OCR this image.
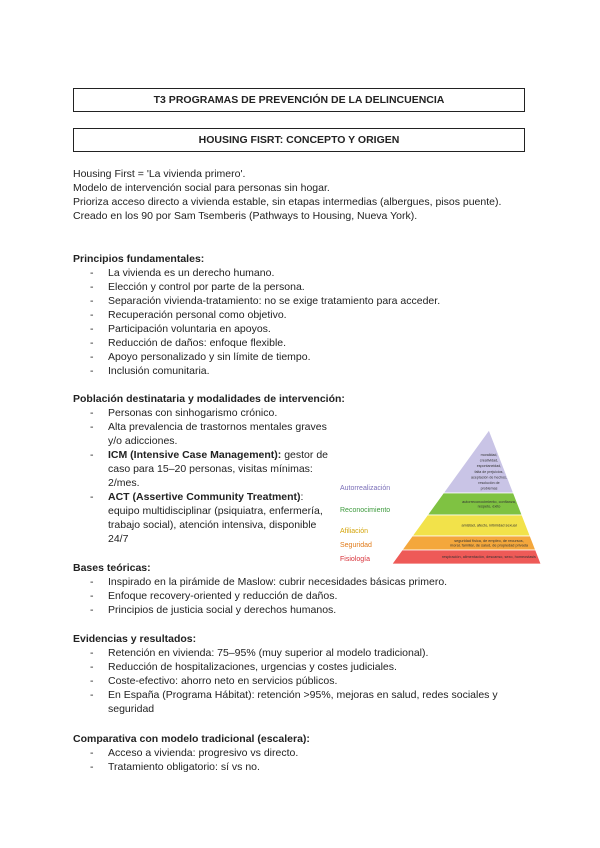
T3 PROGRAMAS DE PREVENCIÓN DE LA DELINCUENCIA
HOUSING FISRT: CONCEPTO Y ORIGEN

Housing First = 'La vivienda primero'.

Modelo de intervención social para personas sin hogar.

Prioriza acceso directo a vivienda estable, sin etapas intermedias (albergues, pisos puente).

Creado en los 90 por Sam Tsemberis (Pathways to Housing, Nueva York).

Principios fundamentales:

- La vivienda es un derecho humano.
- Elección y control por parte de la persona.
- Separación vivienda-tratamiento: no se exige tratamiento para acceder.
- Recuperación personal como objetivo.
- Participación voluntaria en apoyos.
- Reducción de daños: enfoque flexible.
- Apoyo personalizado y sin límite de tiempo.
- Inclusión comunitaria.

Población destinataria y modalidades de intervención:

- Personas con sinhogarismo crónico.
- Alta prevalencia de trastornos mentales graves y/o adicciones.
- ICM (Intensive Case Management): gestor de caso para 15–20 personas, visitas mínimas: 2/mes.
- ACT (Assertive Community Treatment): equipo multidisciplinar (psiquiatra, enfermería, trabajo social), atención intensiva, disponible 24/7
Autorrealización
moralidad,
creatividad,
espontaneidad,
falta de prejuicios,
aceptación de hechos,
resolución de
problemas
Reconocimiento
autorreconocimiento, confianza,
respeto, éxito
Afiliación
amistad, afecto, intimidad sexual
Seguridad
seguridad física, de empleo, de recursos,
moral, familiar, de salud, de propiedad privada
Fisiología	respiración, alimentación, descanso, sexo, homeostasis

Bases teóricas:

- Inspirado en la pirámide de Maslow: cubrir necesidades básicas primero.
- Enfoque recovery-oriented y reducción de daños.
- Principios de justicia social y derechos humanos.

Evidencias y resultados:

- Retención en vivienda: 75–95% (muy superior al modelo tradicional).
- Reducción de hospitalizaciones, urgencias y costes judiciales.
- Coste-efectivo: ahorro neto en servicios públicos.
- En España (Programa Hábitat): retención >95%, mejoras en salud, redes sociales y seguridad

Comparativa con modelo tradicional (escalera):

- Acceso a vivienda: progresivo vs directo.
- Tratamiento obligatorio: sí vs no.
